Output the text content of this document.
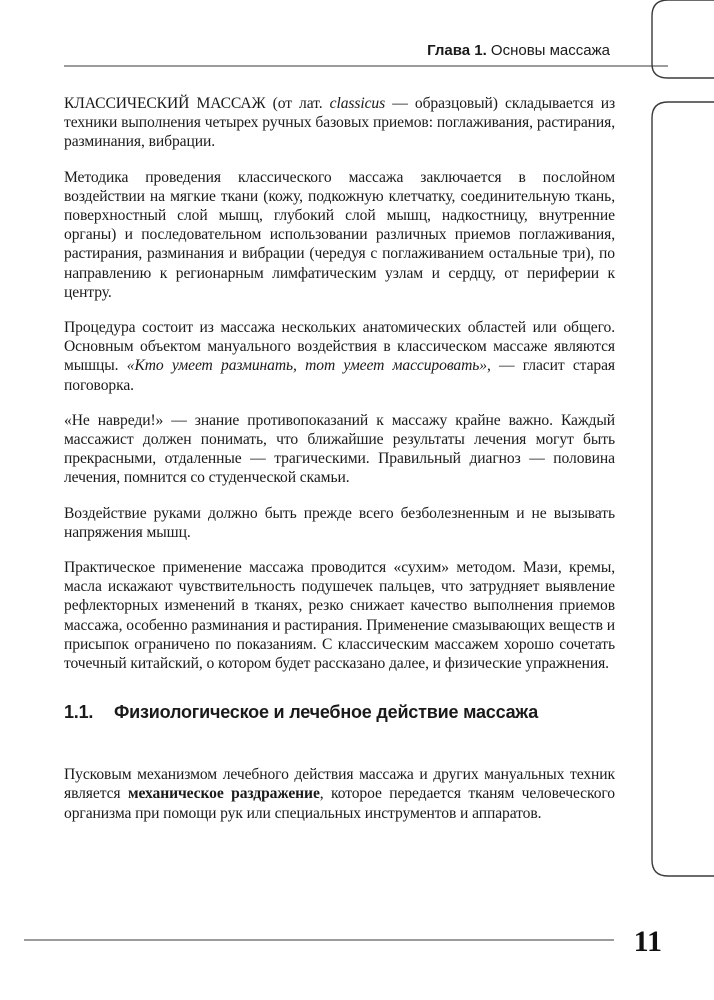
Глава 1. Основы массажа

КЛАССИЧЕСКИЙ МАССАЖ (от лат. classicus — образцовый) складывается из техники выполнения четырех ручных базовых приемов: поглаживания, растирания, разминания, вибрации.

Методика проведения классического массажа заключается в послойном воздействии на мягкие ткани (кожу, подкожную клетчатку, соединительную ткань, поверхностный слой мышц, глубокий слой мышц, надкостницу, внутренние органы) и последовательном использовании различных приемов поглаживания, растирания, разминания и вибрации (чередуя с поглаживанием остальные три), по направлению к регионарным лимфатическим узлам и сердцу, от периферии к центру.

Процедура состоит из массажа нескольких анатомических областей или общего. Основным объектом мануального воздействия в классическом массаже являются мышцы. «Кто умеет разминать, тот умеет массировать», — гласит старая поговорка.

«Не навреди!» — знание противопоказаний к массажу крайне важно. Каждый массажист должен понимать, что ближайшие результаты лечения могут быть прекрасными, отдаленные — трагическими. Правильный диагноз — половина лечения, помнится со студенческой скамьи.

Воздействие руками должно быть прежде всего безболезненным и не вызывать напряжения мышц.

Практическое применение массажа проводится «сухим» методом. Мази, кремы, масла искажают чувствительность подушечек пальцев, что затрудняет выявление рефлекторных изменений в тканях, резко снижает качество выполнения приемов массажа, особенно разминания и растирания. Применение смазывающих веществ и присыпок ограничено по показаниям. С классическим массажем хорошо сочетать точечный китайский, о котором будет рассказано далее, и физические упражнения.

1.1. Физиологическое и лечебное действие массажа

Пусковым механизмом лечебного действия массажа и других мануальных техник является механическое раздражение, которое передается тканям человеческого организма при помощи рук или специальных инструментов и аппаратов.

11
